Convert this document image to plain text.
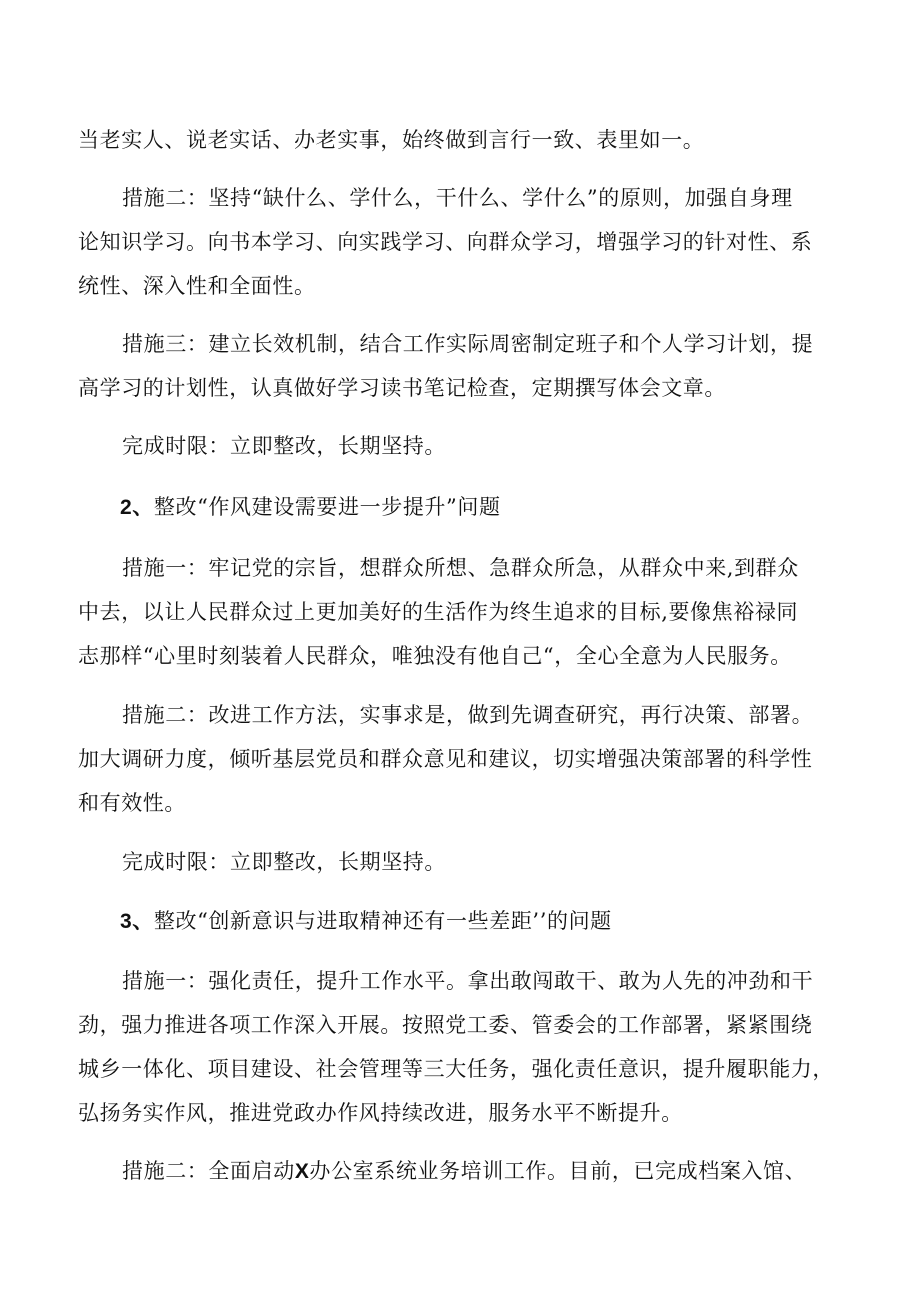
当老实人、说老实话、办老实事，始终做到言行一致、表里如一。
措施二：坚持“缺什么、学什么，干什么、学什么”的原则，加强自身理
论知识学习。向书本学习、向实践学习、向群众学习，增强学习的针对性、系
统性、深入性和全面性。
措施三：建立长效机制，结合工作实际周密制定班子和个人学习计划，提
高学习的计划性，认真做好学习读书笔记检查，定期撰写体会文章。
完成时限：立即整改，长期坚持。
2、整改“作风建设需要进一步提升”问题
措施一：牢记党的宗旨，想群众所想、急群众所急，从群众中来,到群众
中去，以让人民群众过上更加美好的生活作为终生追求的目标,要像焦裕禄同
志那样“心里时刻装着人民群众，唯独没有他自己“，全心全意为人民服务。
措施二：改进工作方法，实事求是，做到先调查研究，再行决策、部署。
加大调研力度，倾听基层党员和群众意见和建议，切实增强决策部署的科学性
和有效性。
完成时限：立即整改，长期坚持。
3、整改“创新意识与进取精神还有一些差距’’的问题
措施一：强化责任，提升工作水平。拿出敢闯敢干、敢为人先的冲劲和干
劲，强力推进各项工作深入开展。按照党工委、管委会的工作部署，紧紧围绕
城乡一体化、项目建设、社会管理等三大任务，强化责任意识，提升履职能力，
弘扬务实作风，推进党政办作风持续改进，服务水平不断提升。
措施二：全面启动X办公室系统业务培训工作。目前，已完成档案入馆、
